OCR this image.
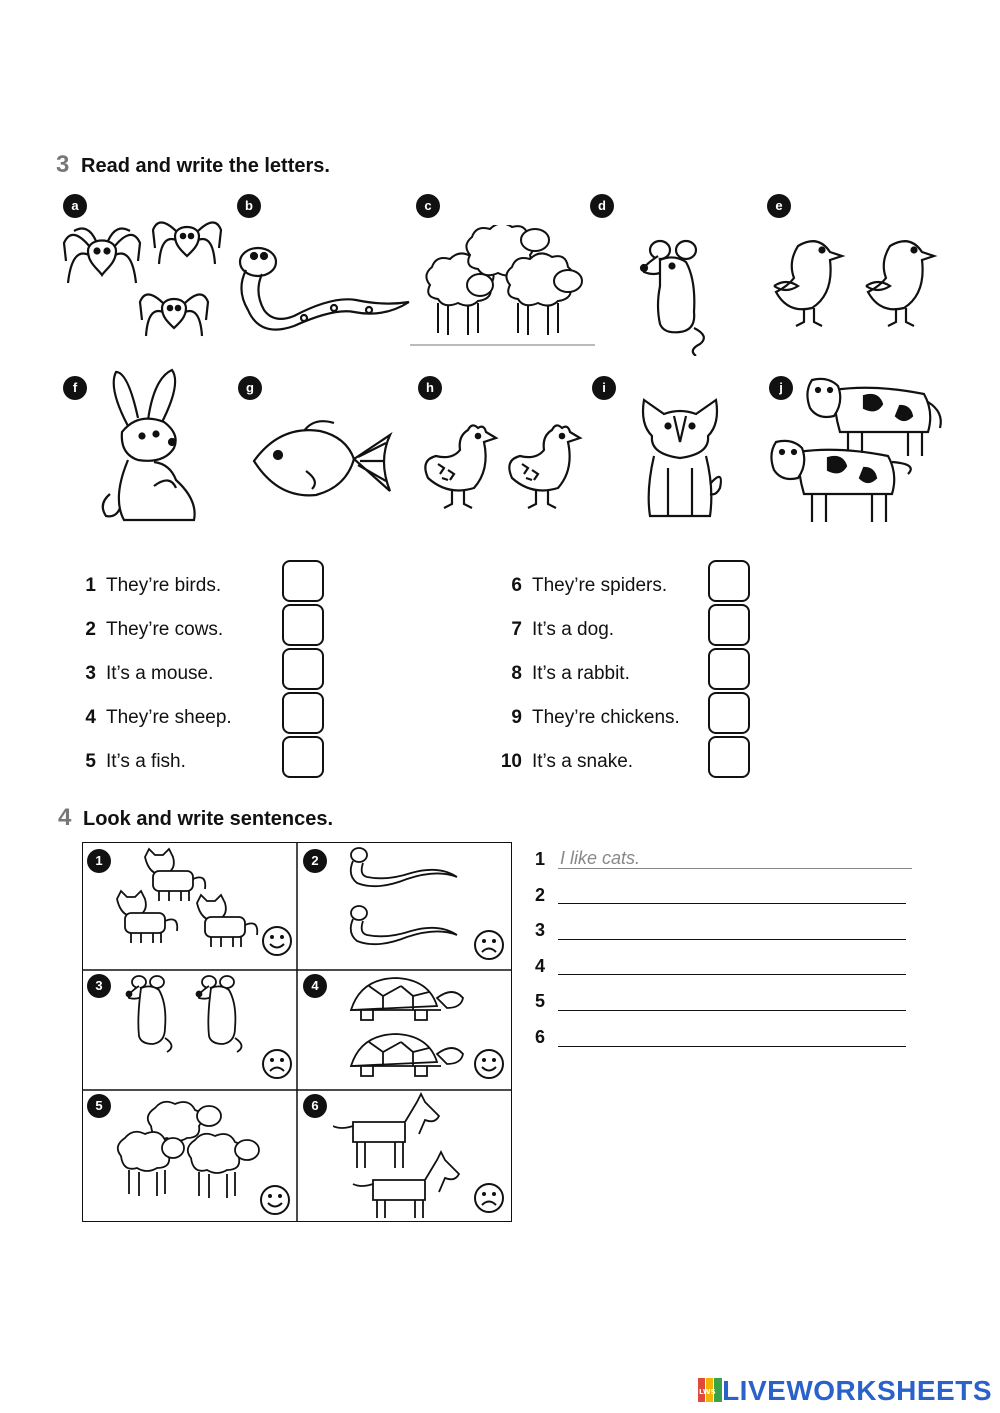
3 Read and write the letters.
a	b	c	d	e
f	g	h	i	j
1 They’re birds.
2 They’re cows.
3 It’s a mouse.
4 They’re sheep.
5 It’s a fish.
6 They’re spiders.
7 It’s a dog.
8 It’s a rabbit.
9 They’re chickens.
10 It’s a snake.
4 Look and write sentences.
1	2
3	4
5	6
1 I like cats.
2
3
4
5
6
LWS LIVEWORKSHEETS
